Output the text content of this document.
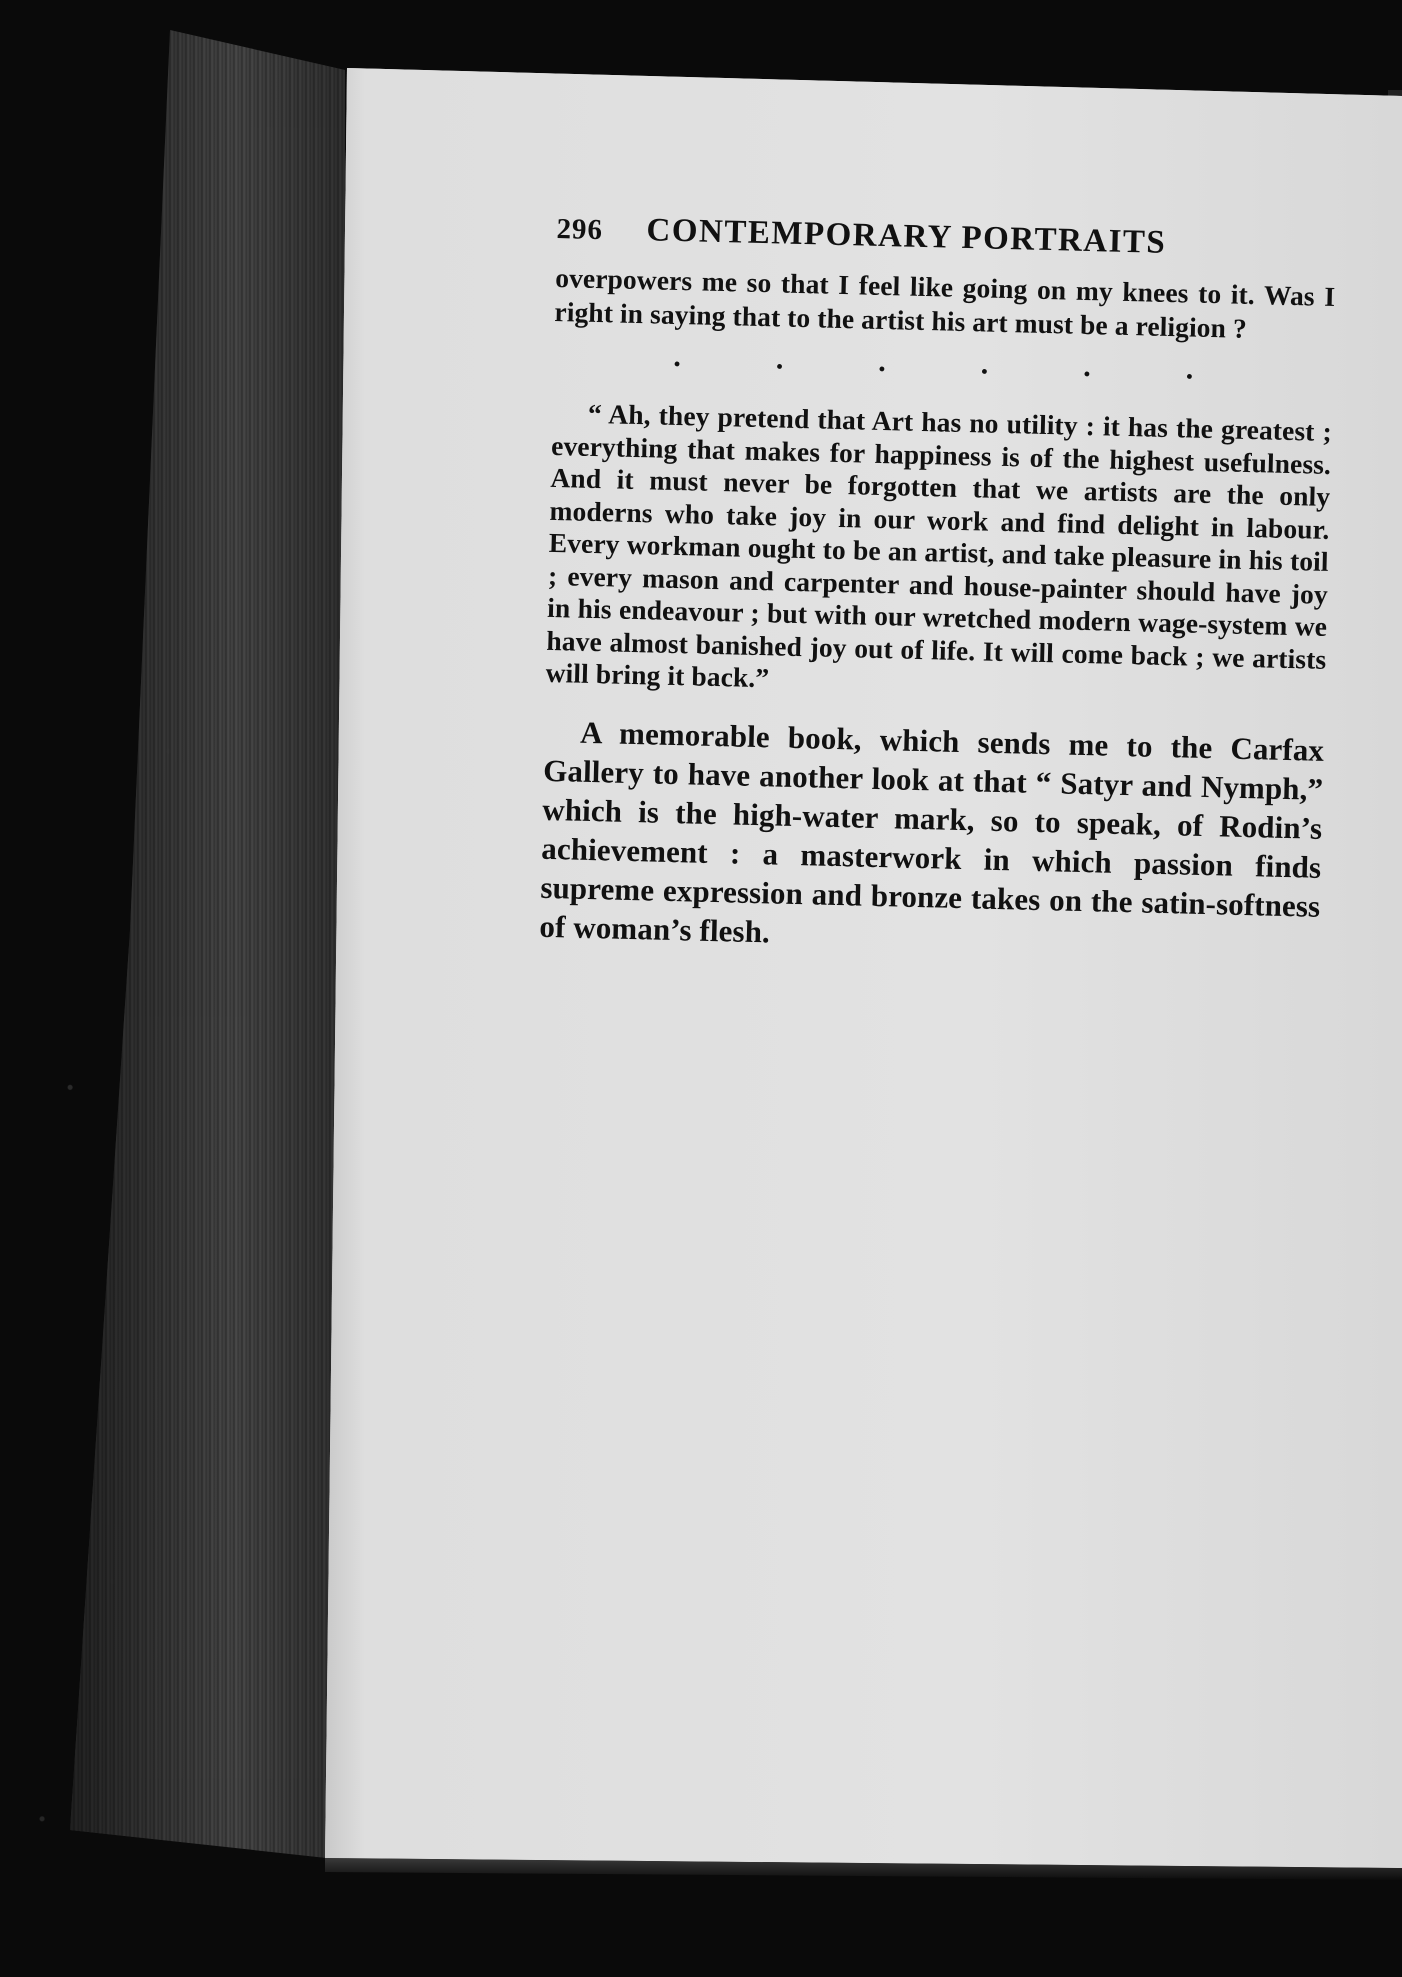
296	CONTEMPORARY PORTRAITS

overpowers me so that I feel like going on my knees to it. Was I right in saying that to the artist his art must be a religion ?

.	.	.	.	.	.

“ Ah, they pretend that Art has no utility : it has the greatest ; everything that makes for happiness is of the highest usefulness. And it must never be forgotten that we artists are the only moderns who take joy in our work and find delight in labour. Every workman ought to be an artist, and take pleasure in his toil ; every mason and carpenter and house-painter should have joy in his endeavour ; but with our wretched modern wage-system we have almost banished joy out of life. It will come back ; we artists will bring it back.”

A memorable book, which sends me to the Carfax Gallery to have another look at that “ Satyr and Nymph,” which is the high-water mark, so to speak, of Rodin’s achievement : a masterwork in which passion finds supreme expression and bronze takes on the satin-softness of woman’s flesh.
